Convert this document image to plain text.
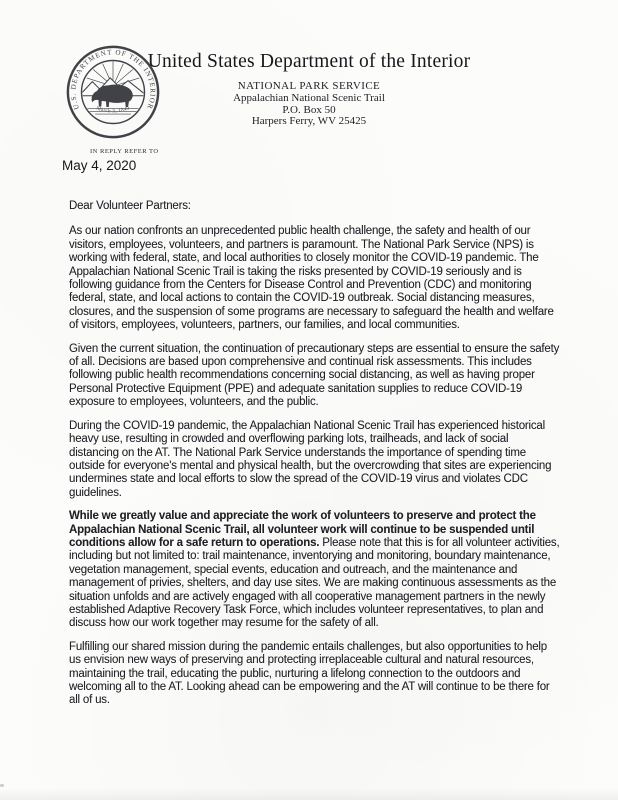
U.S. DEPARTMENT OF THE INTERIOR
March 3, 1849
United States Department of the Interior
NATIONAL PARK SERVICE
Appalachian National Scenic Trail
P.O. Box 50
Harpers Ferry, WV 25425
IN REPLY REFER TO
May 4, 2020

Dear Volunteer Partners:

As our nation confronts an unprecedented public health challenge, the safety and health of our visitors, employees, volunteers, and partners is paramount. The National Park Service (NPS) is working with federal, state, and local authorities to closely monitor the COVID-19 pandemic. The Appalachian National Scenic Trail is taking the risks presented by COVID-19 seriously and is following guidance from the Centers for Disease Control and Prevention (CDC) and monitoring federal, state, and local actions to contain the COVID-19 outbreak. Social distancing measures, closures, and the suspension of some programs are necessary to safeguard the health and welfare of visitors, employees, volunteers, partners, our families, and local communities.

Given the current situation, the continuation of precautionary steps are essential to ensure the safety of all. Decisions are based upon comprehensive and continual risk assessments. This includes following public health recommendations concerning social distancing, as well as having proper Personal Protective Equipment (PPE) and adequate sanitation supplies to reduce COVID-19 exposure to employees, volunteers, and the public.

During the COVID-19 pandemic, the Appalachian National Scenic Trail has experienced historical heavy use, resulting in crowded and overflowing parking lots, trailheads, and lack of social distancing on the AT. The National Park Service understands the importance of spending time outside for everyone's mental and physical health, but the overcrowding that sites are experiencing undermines state and local efforts to slow the spread of the COVID-19 virus and violates CDC guidelines.

While we greatly value and appreciate the work of volunteers to preserve and protect the Appalachian National Scenic Trail, all volunteer work will continue to be suspended until conditions allow for a safe return to operations. Please note that this is for all volunteer activities, including but not limited to: trail maintenance, inventorying and monitoring, boundary maintenance, vegetation management, special events, education and outreach, and the maintenance and management of privies, shelters, and day use sites. We are making continuous assessments as the situation unfolds and are actively engaged with all cooperative management partners in the newly established Adaptive Recovery Task Force, which includes volunteer representatives, to plan and discuss how our work together may resume for the safety of all.

Fulfilling our shared mission during the pandemic entails challenges, but also opportunities to help us envision new ways of preserving and protecting irreplaceable cultural and natural resources, maintaining the trail, educating the public, nurturing a lifelong connection to the outdoors and welcoming all to the AT. Looking ahead can be empowering and the AT will continue to be there for all of us.
